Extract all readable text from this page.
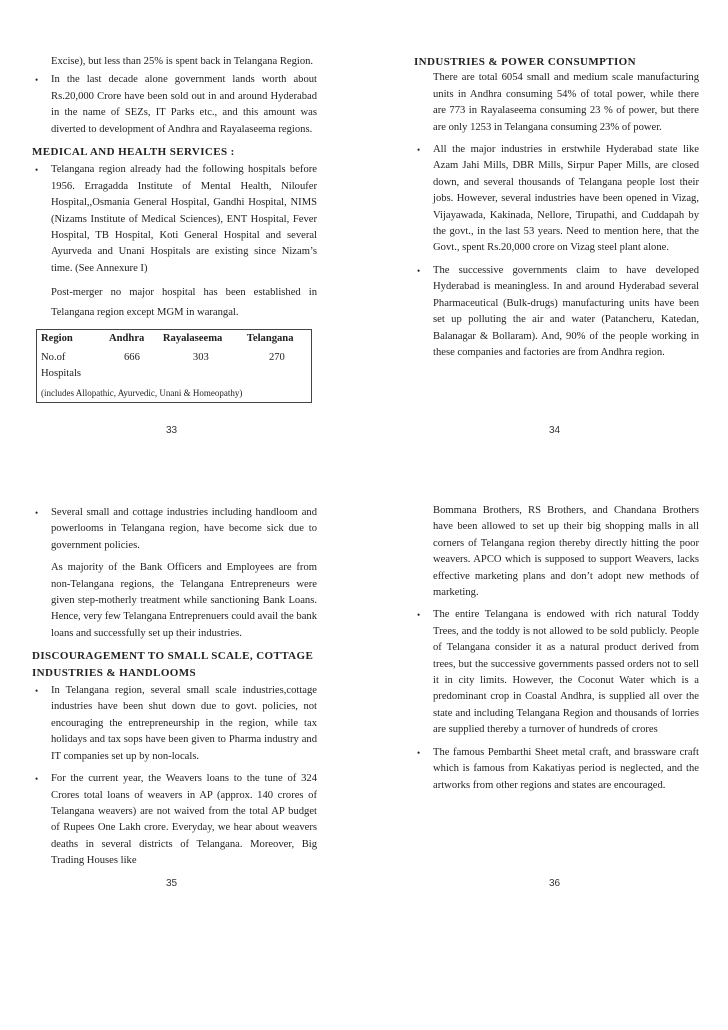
Excise), but less than 25% is spent back in Telangana Region.

• In the last decade alone government lands worth about Rs.20,000 Crore have been sold out in and around Hyderabad in the name of SEZs, IT Parks etc., and this amount was diverted to development of Andhra and Rayalaseema regions.

MEDICAL AND HEALTH SERVICES :

• Telangana region already had the following hospitals before 1956. Erragadda Institute of Mental Health, Niloufer Hospital,,Osmania General Hospital, Gandhi Hospital, NIMS (Nizams Institute of Medical Sciences), ENT Hospital, Fever Hospital, TB Hospital, Koti General Hospital and several Ayurveda and Unani Hospitals are existing since Nizam’s time. (See Annexure I)

Post-merger no major hospital has been established in Telangana region except MGM in warangal.

Region	Andhra	Rayalaseema	Telangana
No.of Hospitals	666	303	270
(includes Allopathic, Ayurvedic, Unani & Homeopathy)			
33

INDUSTRIES & POWER CONSUMPTION

There are total 6054 small and medium scale manufacturing units in Andhra consuming 54% of total power, while there are 773 in Rayalaseema consuming 23 % of power, but there are only 1253 in Telangana consuming 23% of power.

• All the major industries in erstwhile Hyderabad state like Azam Jahi Mills, DBR Mills, Sirpur Paper Mills, are closed down, and several thousands of Telangana people lost their jobs. However, several industries have been opened in Vizag, Vijayawada, Kakinada, Nellore, Tirupathi, and Cuddapah by the govt., in the last 53 years. Need to mention here, that the Govt., spent Rs.20,000 crore on Vizag steel plant alone.
• The successive governments claim to have developed Hyderabad is meaningless. In and around Hyderabad several Pharmaceutical (Bulk-drugs) manufacturing units have been set up polluting the air and water (Patancheru, Katedan, Balanagar & Bollaram). And, 90% of the people working in these companies and factories are from Andhra region.
34
• Several small and cottage industries including handloom and powerlooms in Telangana region, have become sick due to government policies.

As majority of the Bank Officers and Employees are from non-Telangana regions, the Telangana Entrepreneurs were given step-motherly treatment while sanctioning Bank Loans. Hence, very few Telangana Entreprenuers could avail the bank loans and successfully set up their industries.

DISCOURAGEMENT TO SMALL SCALE, COTTAGE INDUSTRIES & HANDLOOMS

• In Telangana region, several small scale industries,cottage industries have been shut down due to govt. policies, not encouraging the entrepreneurship in the region, while tax holidays and tax sops have been given to Pharma industry and IT companies set up by non-locals.
• For the current year, the Weavers loans to the tune of 324 Crores total loans of weavers in AP (approx. 140 crores of Telangana weavers) are not waived from the total AP budget of Rupees One Lakh crore. Everyday, we hear about weavers deaths in several districts of Telangana. Moreover, Big Trading Houses like
35

Bommana Brothers, RS Brothers, and Chandana Brothers have been allowed to set up their big shopping malls in all corners of Telangana region thereby directly hitting the poor weavers. APCO which is supposed to support Weavers, lacks effective marketing plans and don’t adopt new methods of marketing.

• The entire Telangana is endowed with rich natural Toddy Trees, and the toddy is not allowed to be sold publicly. People of Telangana consider it as a natural product derived from trees, but the successive governments passed orders not to sell it in city limits. However, the Coconut Water which is a predominant crop in Coastal Andhra, is supplied all over the state and including Telangana Region and thousands of lorries are supplied thereby a turnover of hundreds of crores
• The famous Pembarthi Sheet metal craft, and brassware craft which is famous from Kakatiyas period is neglected, and the artworks from other regions and states are encouraged.
36
